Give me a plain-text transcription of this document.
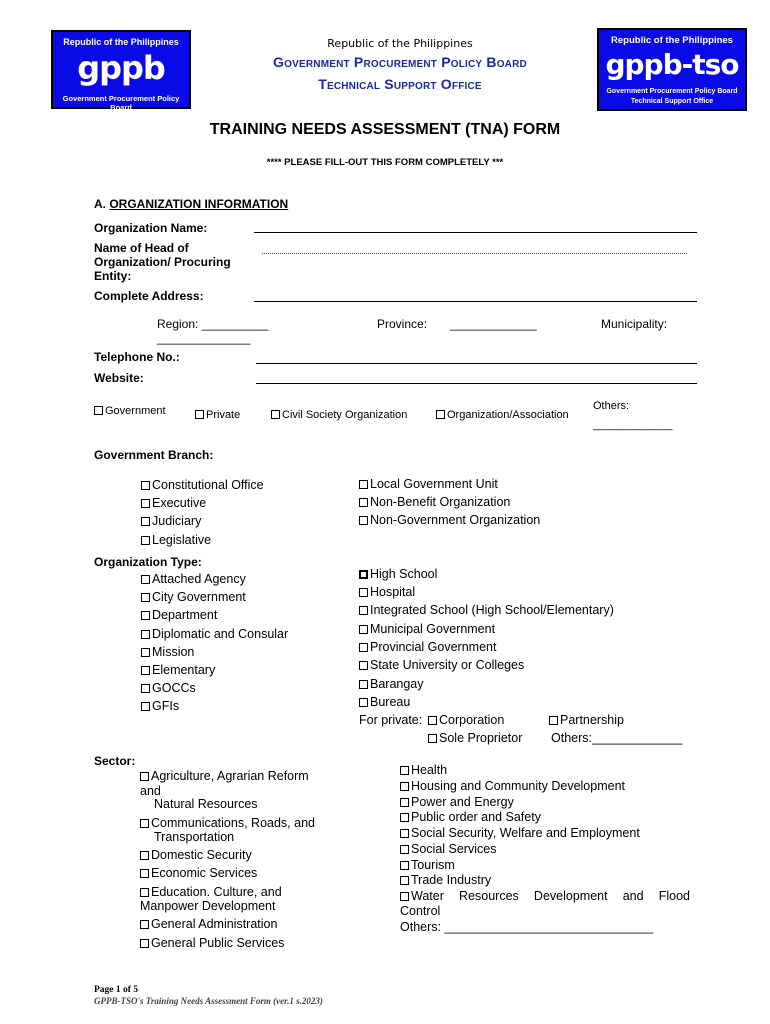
Republic of the Philippines
gppb
Government Procurement Policy Board
Republic of the Philippines
gppb-tso
Government Procurement Policy Board
Technical Support Office
Republic of the Philippines
Government Procurement Policy Board
Technical Support Office
TRAINING NEEDS ASSESSMENT (TNA) FORM
**** PLEASE FILL-OUT THIS FORM COMPLETELY ***
A. ORGANIZATION INFORMATION
Organization Name:
Name of Head of
Organization/ Procuring
Entity:
Complete Address:
Region: __________
______________
Province: _____________	Municipality:
Telephone No.:
Website:
Government	Private	Civil Society Organization	Organization/Association
Others:
_____________
Government Branch:
Constitutional Office
Executive
Judiciary
Legislative
Local Government Unit
Non-Benefit Organization
Non-Government Organization
Organization Type:
Attached Agency
City Government
Department
Diplomatic and Consular
Mission
Elementary
GOCCs
GFIs
High School
Hospital
Integrated School (High School/Elementary)
Municipal Government
Provincial Government
State University or Colleges
Barangay
Bureau
For private:	Corporation	Partnership
Sole Proprietor Others:_____________
Sector:
Agriculture, Agrarian Reform
and
Natural Resources
Communications, Roads, and
Transportation
Domestic Security
Economic Services
Education. Culture, and
Manpower Development
General Administration
General Public Services
Health
Housing and Community Development
Power and Energy
Public order and Safety
Social Security, Welfare and Employment
Social Services
Tourism
Trade Industry
Water Resources Development and Flood
Control
Others: ______________________________
Page 1 of 5
GPPB-TSO's Training Needs Assessment Form (ver.1 s.2023)
